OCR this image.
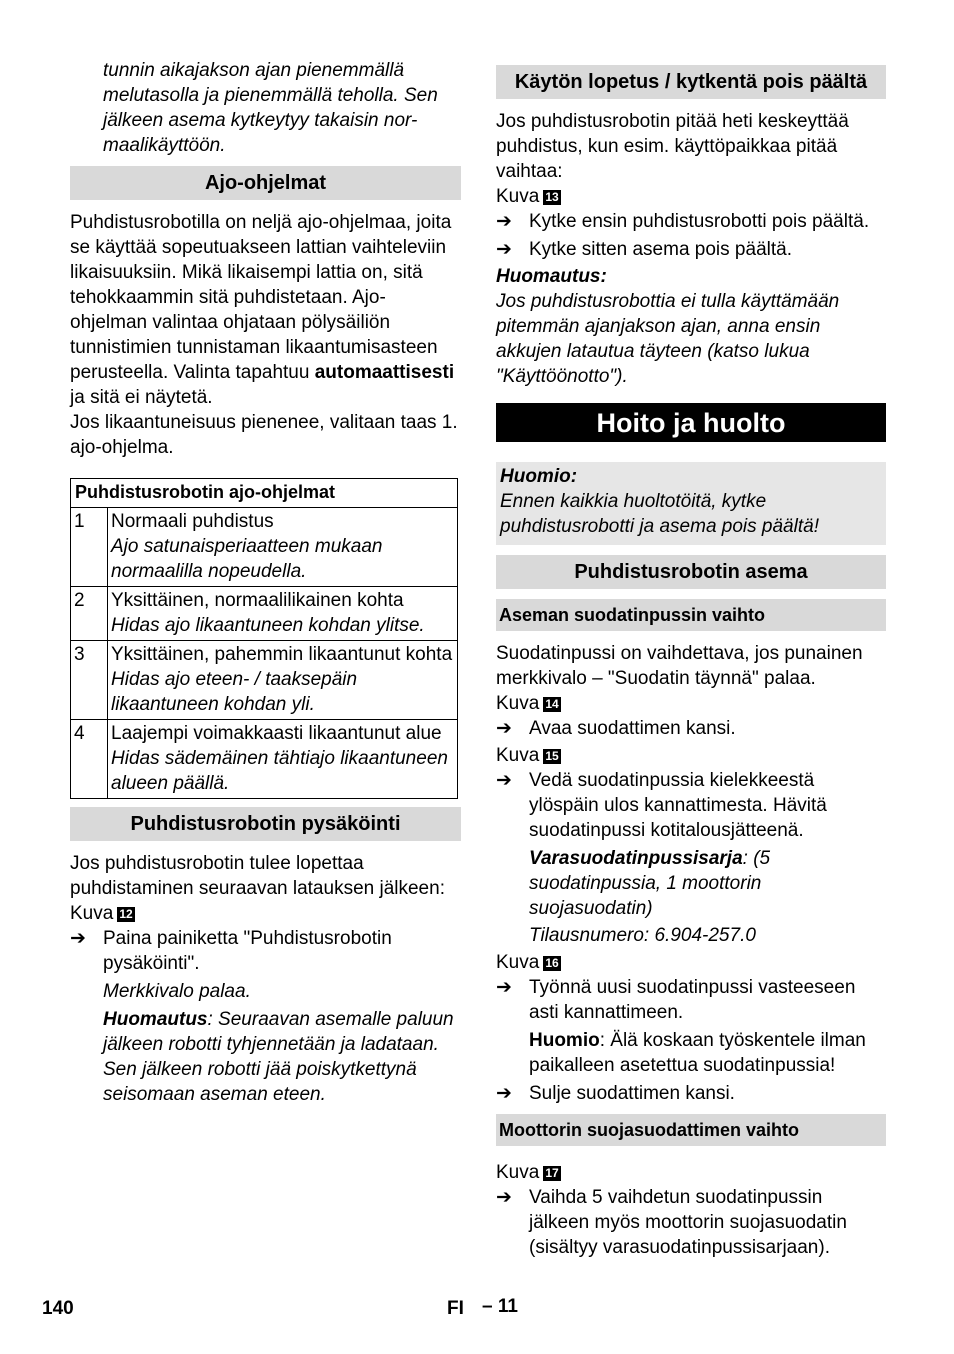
tunnin aikajakson ajan pienemmällä
melutasolla ja pienemmällä teholla. Sen
jälkeen asema kytkeytyy takaisin nor-
maalikäyttöön.
Ajo-ohjelmat

Puhdistusrobotilla on neljä ajo-ohjelmaa, joita se käyttää sopeutuakseen lattian vaihteleviin likaisuuksiin. Mikä likaisempi lattia on, sitä tehokkaammin sitä puhdistetaan. Ajo-ohjelman valintaa ohjataan pölysäiliön tunnistimien tunnistaman likaantumisasteen perusteella. Valinta tapahtuu automaattisesti ja sitä ei näytetä.

Jos likaantuneisuus pienenee, valitaan taas 1. ajo-ohjelma.

Puhdistusrobotin ajo-ohjelmat	
1	Normaali puhdistus
Ajo satunaisperiaatteen mukaan normaalilla nopeudella.

2	Yksittäinen, normaalilikainen kohta
Hidas ajo likaantuneen kohdan ylitse.

3	Yksittäinen, pahemmin likaantunut kohta
Hidas ajo eteen- / taaksepäin likaantuneen kohdan yli.

4	Laajempi voimakkaasti likaantunut alue
Hidas sädemäinen tähtiajo likaantuneen alueen päällä.
Puhdistusrobotin pysäköinti

Jos puhdistusrobotin tulee lopettaa puhdistaminen seuraavan latauksen jälkeen:

Kuva 12

➔ Paina painiketta "Puhdistusrobotin pysäköinti".

Merkkivalo palaa.

Huomautus: Seuraavan asemalle paluun jälkeen robotti tyhjennetään ja ladataan. Sen jälkeen robotti jää poiskytkettynä seisomaan aseman eteen.

Käytön lopetus / kytkentä pois päältä

Jos puhdistusrobotin pitää heti keskeyttää puhdistus, kun esim. käyttöpaikkaa pitää vaihtaa:

Kuva 13

➔ Kytke ensin puhdistusrobotti pois päältä.
➔ Kytke sitten asema pois päältä.

Huomautus:

Jos puhdistusrobottia ei tulla käyttämään pitemmän ajanjakson ajan, anna ensin akkujen latautua täyteen (katso lukua "Käyttöönotto").

Hoito ja huolto
Huomio:
Ennen kaikkia huoltotöitä, kytke puhdistusrobotti ja asema pois päältä!
Puhdistusrobotin asema
Aseman suodatinpussin vaihto

Suodatinpussi on vaihdettava, jos punainen merkkivalo – "Suodatin täynnä" palaa.

Kuva 14

➔ Avaa suodattimen kansi.

Kuva 15

➔ Vedä suodatinpussia kielekkeestä ylöspäin ulos kannattimesta. Hävitä suodatinpussi kotitalousjätteenä.

Varasuodatinpussisarja: (5 suodatinpussia, 1 moottorin suojasuodatin)

Tilausnumero: 6.904-257.0

Kuva 16

➔ Työnnä uusi suodatinpussi vasteeseen asti kannattimeen.

Huomio: Älä koskaan työskentele ilman paikalleen asetettua suodatinpussia!

➔ Sulje suodattimen kansi.
Moottorin suojasuodattimen vaihto

Kuva 17

➔ Vaihda 5 vaihdetun suodatinpussin jälkeen myös moottorin suojasuodatin (sisältyy varasuodatinpussisarjaan).
140	FI – 11
